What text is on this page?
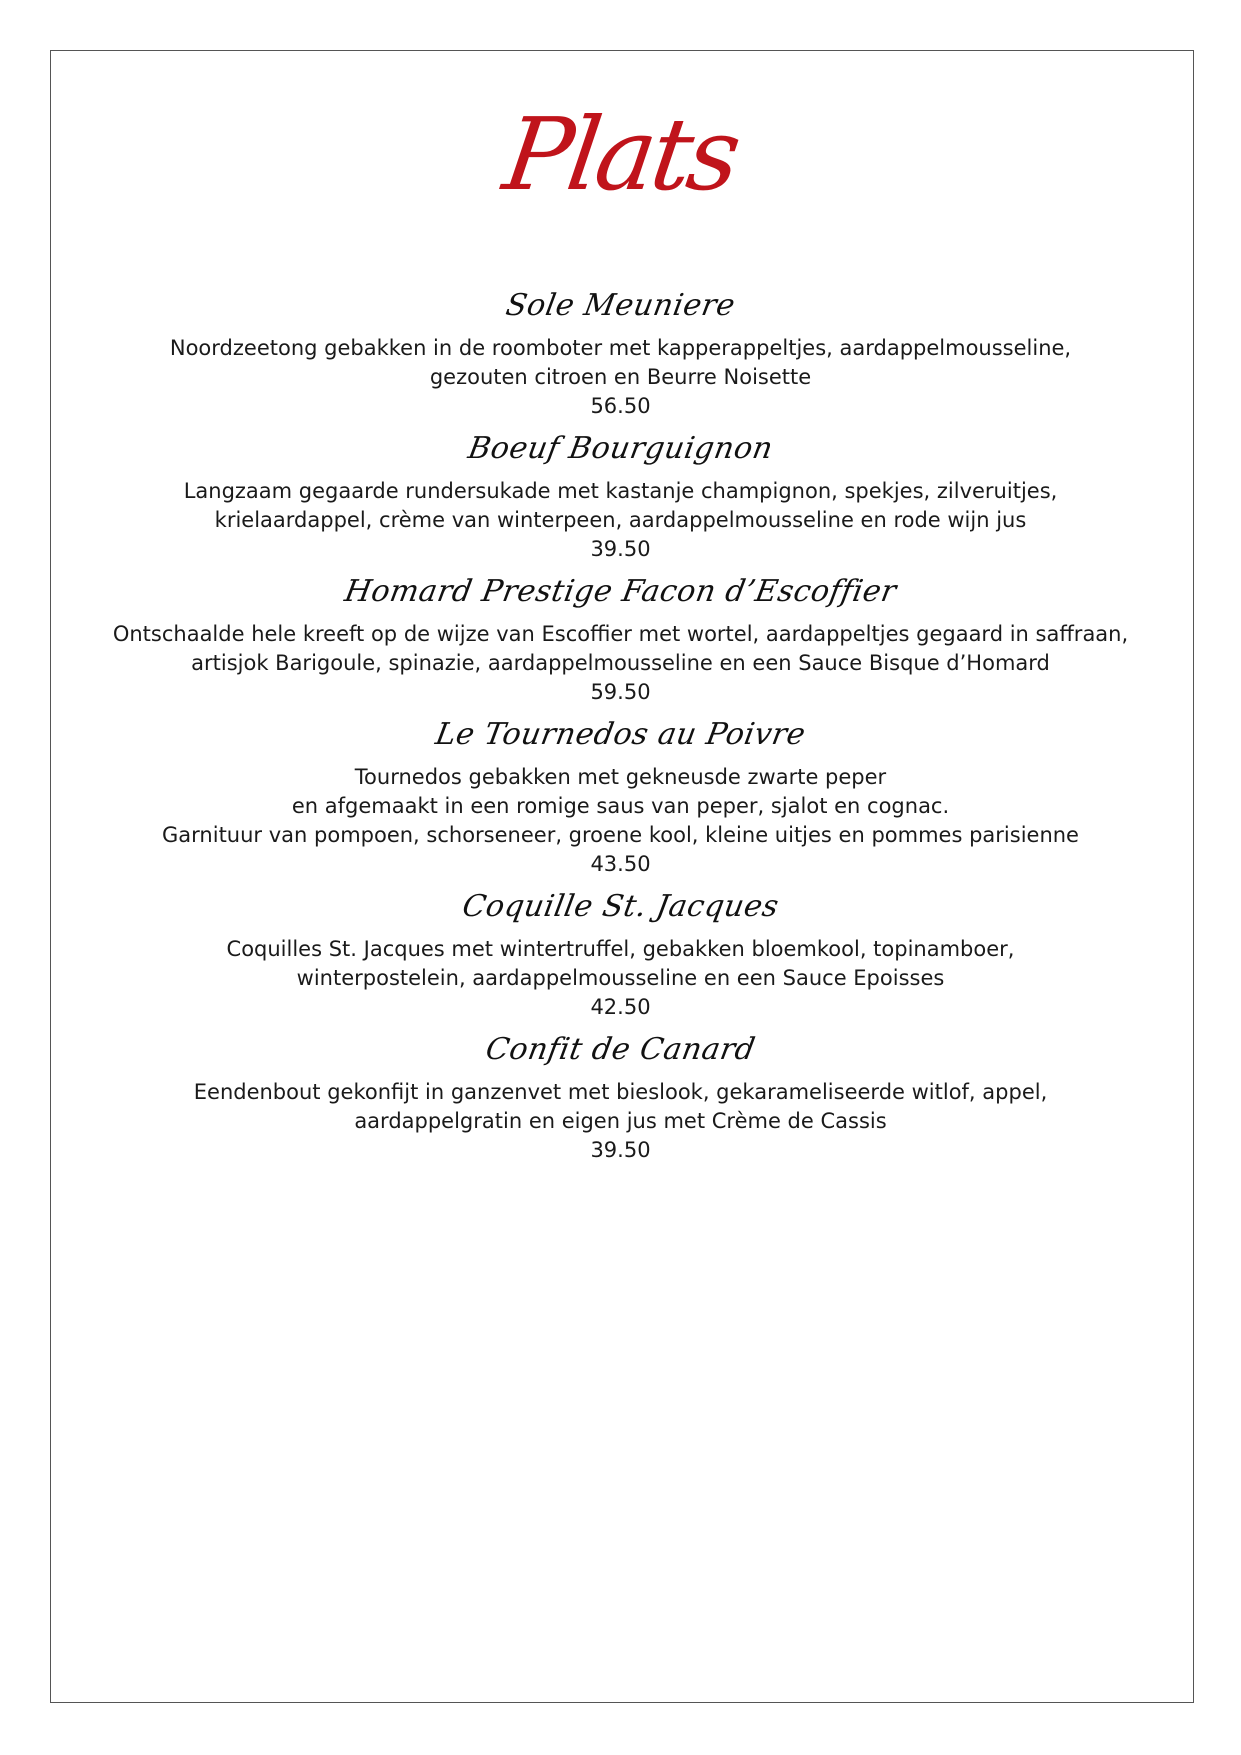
Plats
Sole Meuniere
Noordzeetong gebakken in de roomboter met kapperappeltjes, aardappelmousseline,
gezouten citroen en Beurre Noisette
56.50
Boeuf Bourguignon
Langzaam gegaarde rundersukade met kastanje champignon, spekjes, zilveruitjes,
krielaardappel, crème van winterpeen, aardappelmousseline en rode wijn jus
39.50
Homard Prestige Facon d’Escoffier
Ontschaalde hele kreeft op de wijze van Escoffier met wortel, aardappeltjes gegaard in saffraan,
artisjok Barigoule, spinazie, aardappelmousseline en een Sauce Bisque d’Homard
59.50
Le Tournedos au Poivre
Tournedos gebakken met gekneusde zwarte peper
en afgemaakt in een romige saus van peper, sjalot en cognac.
Garnituur van pompoen, schorseneer, groene kool, kleine uitjes en pommes parisienne
43.50
Coquille St. Jacques
Coquilles St. Jacques met wintertruffel, gebakken bloemkool, topinamboer,
winterpostelein, aardappelmousseline en een Sauce Epoisses
42.50
Confit de Canard
Eendenbout gekonfijt in ganzenvet met bieslook, gekarameliseerde witlof, appel,
aardappelgratin en eigen jus met Crème de Cassis
39.50
